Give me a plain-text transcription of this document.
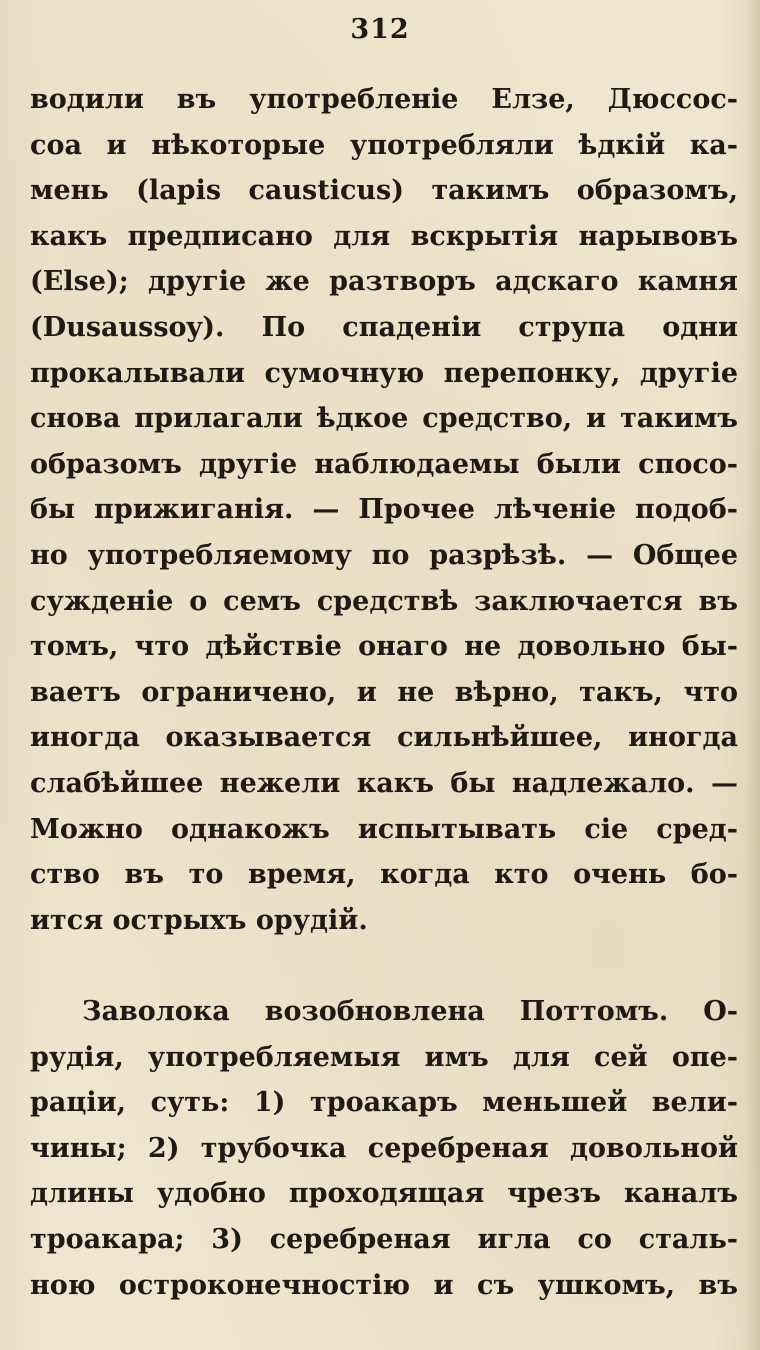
312
водили въ употребленіе Елзе, Дюссос-
соа и нѣкоторые употребляли ѣдкій ка-
мень (lapis causticus) такимъ образомъ,
какъ предписано для вскрытія нарывовъ
(Else); другіе же разтворъ адскаго камня
(Dusaussoy). По спаденіи струпа одни
прокалывали сумочную перепонку, другіе
снова прилагали ѣдкое средство, и такимъ
образомъ другіе наблюдаемы были спосо-
бы прижиганія. — Прочее лѣченіе подоб-
но употребляемому по разрѣзѣ. — Общее
сужденіе о семъ средствѣ заключается въ
томъ, что дѣйствіе онаго не довольно бы-
ваетъ ограничено, и не вѣрно, такъ, что
иногда оказывается сильнѣйшее, иногда
слабѣйшее нежели какъ бы надлежало. —
Можно однакожъ испытывать сіе сред-
ство въ то время, когда кто очень бо-
ится острыхъ орудій.
Заволока возобновлена Поттомъ. О-
рудія, употребляемыя имъ для сей опе-
раціи, суть: 1) троакаръ меньшей вели-
чины; 2) трубочка серебреная довольной
длины удобно проходящая чрезъ каналъ
троакара; 3) серебреная игла со сталь-
ною остроконечностію и съ ушкомъ, въ
